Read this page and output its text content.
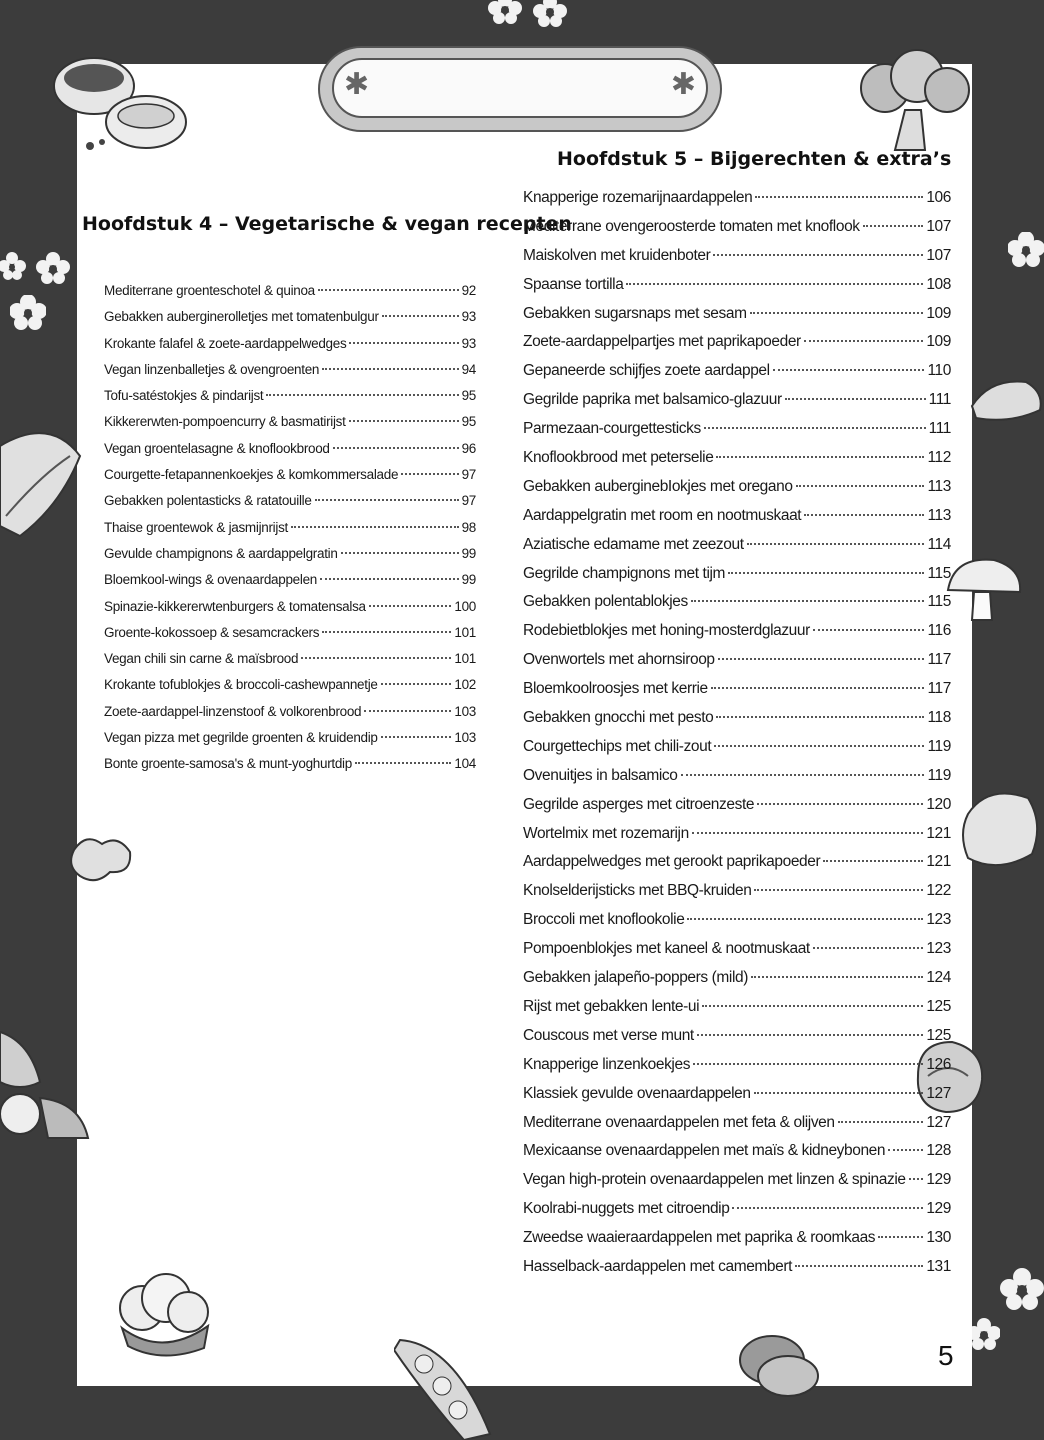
✱	✱
Hoofdstuk 4 – Vegetarische & vegan recepten
Hoofdstuk 5 – Bijgerechten & extra’s
Mediterrane groenteschotel & quinoa	92
Gebakken auberginerolletjes met tomatenbulgur	93
Krokante falafel & zoete-aardappelwedges	93
Vegan linzenballetjes & ovengroenten	94
Tofu-satéstokjes & pindarijst	95
Kikkererwten-pompoencurry & basmatirijst	95
Vegan groentelasagne & knoflookbrood	96
Courgette-fetapannenkoekjes & komkommersalade	97
Gebakken polentasticks & ratatouille	97
Thaise groentewok & jasmijnrijst	98
Gevulde champignons & aardappelgratin	99
Bloemkool-wings & ovenaardappelen	99
Spinazie-kikkererwtenburgers & tomatensalsa	100
Groente-kokossoep & sesamcrackers	101
Vegan chili sin carne & maïsbrood	101
Krokante tofublokjes & broccoli-cashewpannetje	102
Zoete-aardappel-linzenstoof & volkorenbrood	103
Vegan pizza met gegrilde groenten & kruidendip	103
Bonte groente-samosa's & munt-yoghurtdip	104
Knapperige rozemarijnaardappelen	106
Mediterrane ovengeroosterde tomaten met knoflook	107
Maiskolven met kruidenboter	107
Spaanse tortilla	108
Gebakken sugarsnaps met sesam	109
Zoete-aardappelpartjes met paprikapoeder	109
Gepaneerde schijfjes zoete aardappel	110
Gegrilde paprika met balsamico-glazuur	111
Parmezaan-courgettesticks	111
Knoflookbrood met peterselie	112
Gebakken auberginebIokjes met oregano	113
Aardappelgratin met room en nootmuskaat	113
Aziatische edamame met zeezout	114
Gegrilde champignons met tijm	115
Gebakken polentablokjes	115
Rodebietblokjes met honing-mosterdglazuur	116
Ovenwortels met ahornsiroop	117
Bloemkoolroosjes met kerrie	117
Gebakken gnocchi met pesto	118
Courgettechips met chili-zout	119
Ovenuitjes in balsamico	119
Gegrilde asperges met citroenzeste	120
Wortelmix met rozemarijn	121
Aardappelwedges met gerookt paprikapoeder	121
Knolselderijsticks met BBQ-kruiden	122
Broccoli met knoflookolie	123
Pompoenblokjes met kaneel & nootmuskaat	123
Gebakken jalapeño-poppers (mild)	124
Rijst met gebakken lente-ui	125
Couscous met verse munt	125
Knapperige linzenkoekjes	126
Klassiek gevulde ovenaardappelen	127
Mediterrane ovenaardappelen met feta & olijven	127
Mexicaanse ovenaardappelen met maïs & kidneybonen	128
Vegan high-protein ovenaardappelen met linzen & spinazie 129
Koolrabi-nuggets met citroendip	129
Zweedse waaieraardappelen met paprika & roomkaas	130
Hasselback-aardappelen met camembert	131
5
